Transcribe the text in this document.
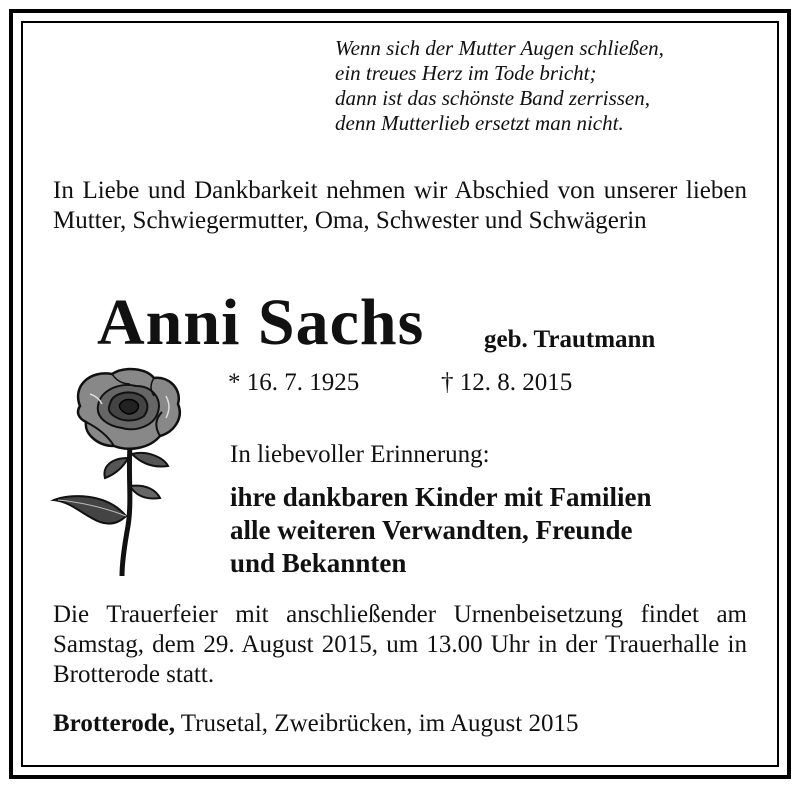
Wenn sich der Mutter Augen schließen,
ein treues Herz im Tode bricht;
dann ist das schönste Band zerrissen,
denn Mutterlieb ersetzt man nicht.
In Liebe und Dankbarkeit nehmen wir Abschied von unserer lieben Mutter, Schwiegermutter, Oma, Schwester und Schwägerin
Anni Sachs geb. Trautmann
* 16. 7. 1925	† 12. 8. 2015
In liebevoller Erinnerung:
ihre dankbaren Kinder mit Familien
alle weiteren Verwandten, Freunde
und Bekannten
Die Trauerfeier mit anschließender Urnenbeisetzung findet am Samstag, dem 29. August 2015, um 13.00 Uhr in der Trauerhalle in Brotterode statt.
Brotterode, Trusetal, Zweibrücken, im August 2015
